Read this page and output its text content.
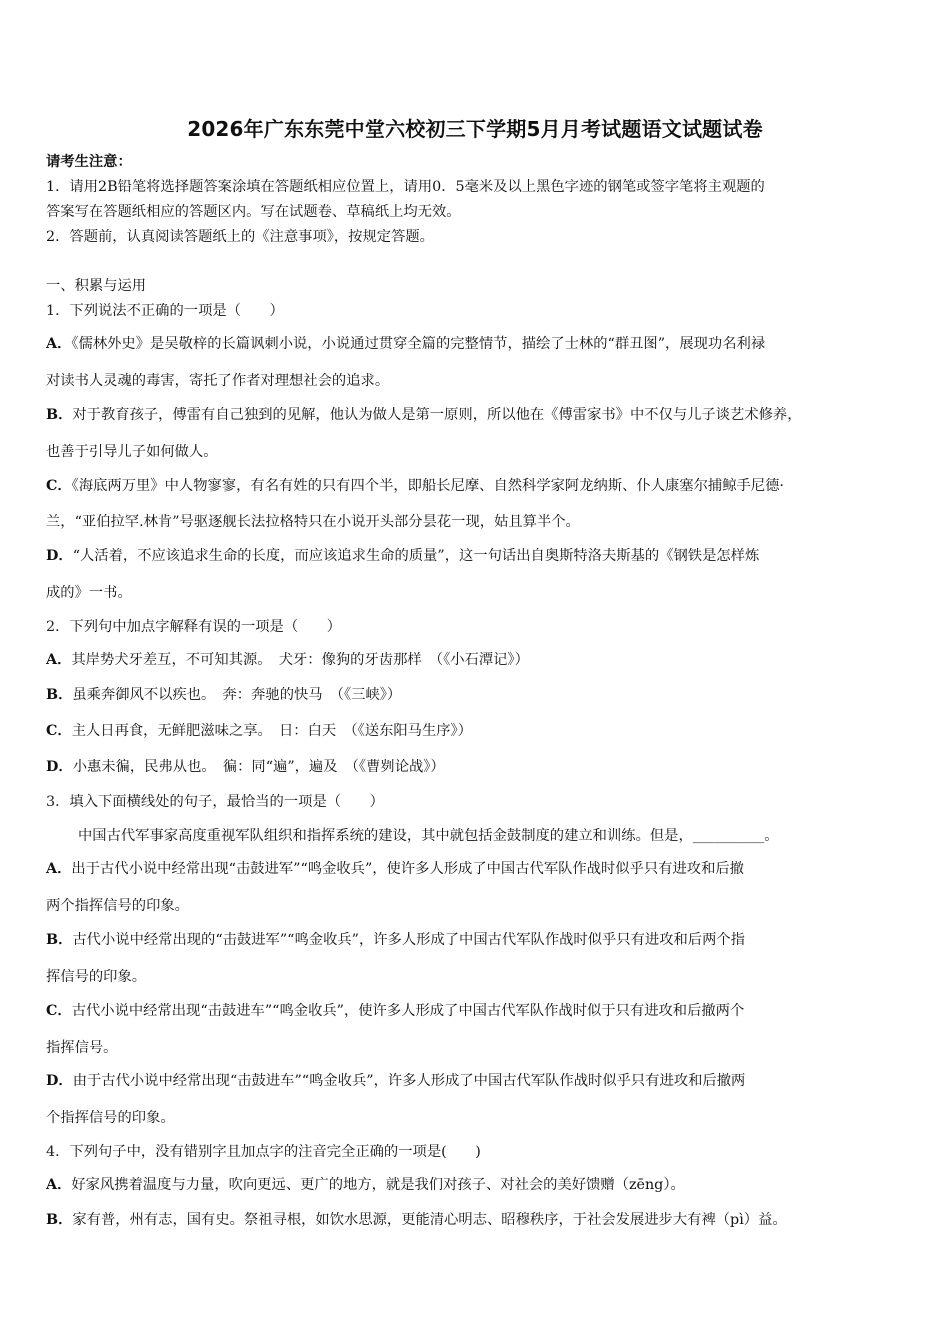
2026年广东东莞中堂六校初三下学期5月月考试题语文试题试卷
请考生注意：
1．请用2B铅笔将选择题答案涂填在答题纸相应位置上，请用0．5毫米及以上黑色字迹的钢笔或签字笔将主观题的
答案写在答题纸相应的答题区内。写在试题卷、草稿纸上均无效。
2．答题前，认真阅读答题纸上的《注意事项》，按规定答题。
一、积累与运用
1．下列说法不正确的一项是（　　）
A．《儒林外史》是吴敬梓的长篇讽刺小说，小说通过贯穿全篇的完整情节，描绘了士林的“群丑图”，展现功名利禄
对读书人灵魂的毒害，寄托了作者对理想社会的追求。
B．对于教育孩子，傅雷有自己独到的见解，他认为做人是第一原则，所以他在《傅雷家书》中不仅与儿子谈艺术修养，
也善于引导儿子如何做人。
C．《海底两万里》中人物寥寥，有名有姓的只有四个半，即船长尼摩、自然科学家阿龙纳斯、仆人康塞尔捕鲸手尼德·
兰，“亚伯拉罕.林肯”号驱逐舰长法拉格特只在小说开头部分昙花一现，姑且算半个。
D．“人活着，不应该追求生命的长度，而应该追求生命的质量”，这一句话出自奥斯特洛夫斯基的《钢铁是怎样炼
成的》一书。
2．下列句中加点字解释有误的一项是（　　）
A．其岸势犬牙差互，不可知其源。　犬牙：像狗的牙齿那样　（《小石潭记》）
B．虽乘奔御风不以疾也。　奔：奔驰的快马　（《三峡》）
C．主人日再食，无鲜肥滋味之享。　日：白天　（《送东阳马生序》）
D．小惠未徧，民弗从也。　徧：同“遍”，遍及　（《曹刿论战》）
3．填入下面横线处的句子，最恰当的一项是（　　）
中国古代军事家高度重视军队组织和指挥系统的建设，其中就包括金鼓制度的建立和训练。但是，__________。
A．出于古代小说中经常出现“击鼓进军”“鸣金收兵”，使许多人形成了中国古代军队作战时似乎只有进攻和后撤
两个指挥信号的印象。
B．古代小说中经常出现的“击鼓进军”“鸣金收兵”，许多人形成了中国古代军队作战时似乎只有进攻和后两个指
挥信号的印象。
C．古代小说中经常出现“击鼓进车”“鸣金收兵”，使许多人形成了中国古代军队作战时似于只有进攻和后撤两个
指挥信号。
D．由于古代小说中经常出现“击鼓进车”“鸣金收兵”，许多人形成了中国古代军队作战时似乎只有进攻和后撤两
个指挥信号的印象。
4．下列句子中，没有错别字且加点字的注音完全正确的一项是(　　)
A．好家风携着温度与力量，吹向更远、更广的地方，就是我们对孩子、对社会的美好馈赠（zēng）。
B．家有普，州有志，国有史。祭祖寻根，如饮水思源，更能清心明志、昭穆秩序，于社会发展进步大有裨（pì）益。
